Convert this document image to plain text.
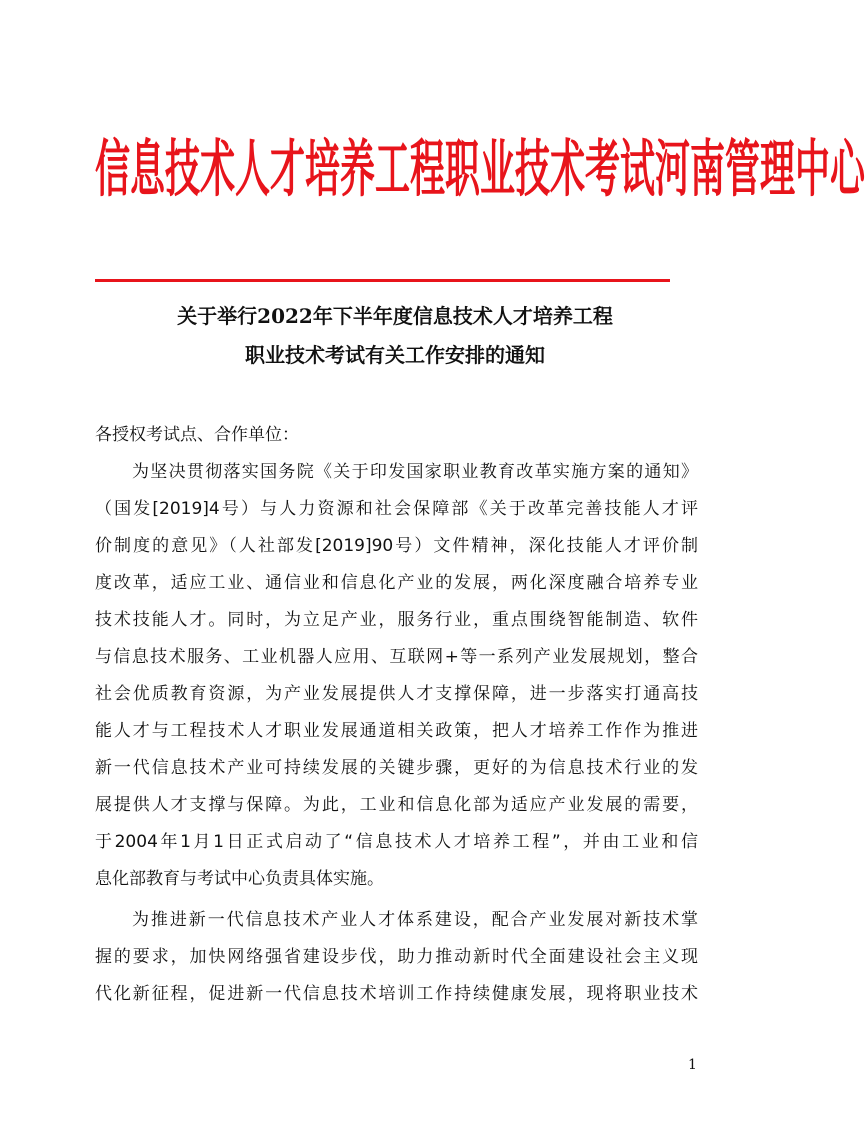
信息技术人才培养工程职业技术考试河南管理中心
关于举行2022年下半年度信息技术人才培养工程
职业技术考试有关工作安排的通知
各授权考试点、合作单位：
为坚决贯彻落实国务院《关于印发国家职业教育改革实施方案的通知》
（国发[2019]4号）与人力资源和社会保障部《关于改革完善技能人才评
价制度的意见》（人社部发[2019]90号）文件精神，深化技能人才评价制
度改革，适应工业、通信业和信息化产业的发展，两化深度融合培养专业
技术技能人才。同时，为立足产业，服务行业，重点围绕智能制造、软件
与信息技术服务、工业机器人应用、互联网+等一系列产业发展规划，整合
社会优质教育资源，为产业发展提供人才支撑保障，进一步落实打通高技
能人才与工程技术人才职业发展通道相关政策，把人才培养工作作为推进
新一代信息技术产业可持续发展的关键步骤，更好的为信息技术行业的发
展提供人才支撑与保障。为此，工业和信息化部为适应产业发展的需要，
于2004年1月1日正式启动了“信息技术人才培养工程”，并由工业和信
息化部教育与考试中心负责具体实施。
为推进新一代信息技术产业人才体系建设，配合产业发展对新技术掌
握的要求，加快网络强省建设步伐，助力推动新时代全面建设社会主义现
代化新征程，促进新一代信息技术培训工作持续健康发展，现将职业技术
1
